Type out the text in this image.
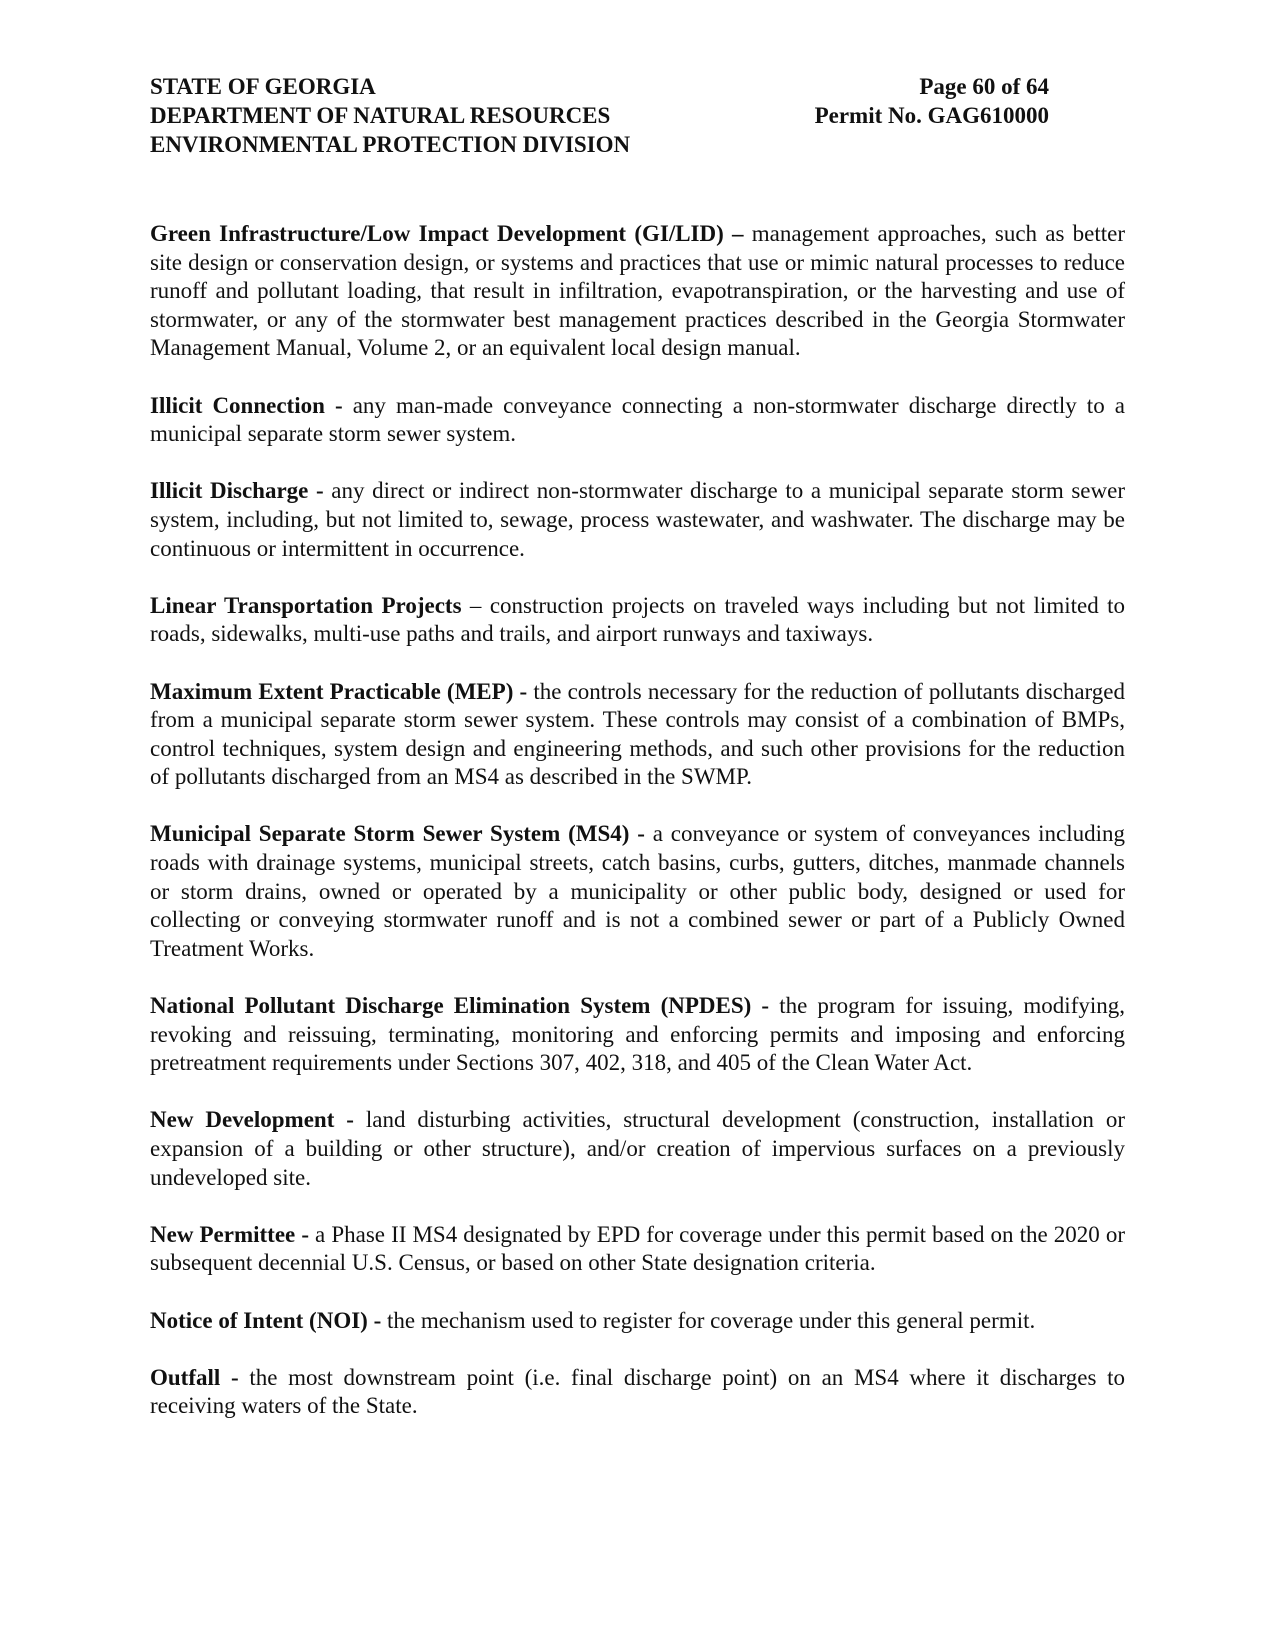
STATE OF GEORGIA
DEPARTMENT OF NATURAL RESOURCES
ENVIRONMENTAL PROTECTION DIVISION
Page 60 of 64
Permit No. GAG610000

Green Infrastructure/Low Impact Development (GI/LID) – management approaches, such as better site design or conservation design, or systems and practices that use or mimic natural processes to reduce runoff and pollutant loading, that result in infiltration, evapotranspiration, or the harvesting and use of stormwater, or any of the stormwater best management practices described in the Georgia Stormwater Management Manual, Volume 2, or an equivalent local design manual.

Illicit Connection - any man-made conveyance connecting a non-stormwater discharge directly to a municipal separate storm sewer system.

Illicit Discharge - any direct or indirect non-stormwater discharge to a municipal separate storm sewer system, including, but not limited to, sewage, process wastewater, and washwater. The discharge may be continuous or intermittent in occurrence.

Linear Transportation Projects – construction projects on traveled ways including but not limited to roads, sidewalks, multi-use paths and trails, and airport runways and taxiways.

Maximum Extent Practicable (MEP) - the controls necessary for the reduction of pollutants discharged from a municipal separate storm sewer system. These controls may consist of a combination of BMPs, control techniques, system design and engineering methods, and such other provisions for the reduction of pollutants discharged from an MS4 as described in the SWMP.

Municipal Separate Storm Sewer System (MS4) - a conveyance or system of conveyances including roads with drainage systems, municipal streets, catch basins, curbs, gutters, ditches, manmade channels or storm drains, owned or operated by a municipality or other public body, designed or used for collecting or conveying stormwater runoff and is not a combined sewer or part of a Publicly Owned Treatment Works.

National Pollutant Discharge Elimination System (NPDES) - the program for issuing, modifying, revoking and reissuing, terminating, monitoring and enforcing permits and imposing and enforcing pretreatment requirements under Sections 307, 402, 318, and 405 of the Clean Water Act.

New Development - land disturbing activities, structural development (construction, installation or expansion of a building or other structure), and/or creation of impervious surfaces on a previously undeveloped site.

New Permittee - a Phase II MS4 designated by EPD for coverage under this permit based on the 2020 or subsequent decennial U.S. Census, or based on other State designation criteria.

Notice of Intent (NOI) - the mechanism used to register for coverage under this general permit.

Outfall - the most downstream point (i.e. final discharge point) on an MS4 where it discharges to receiving waters of the State.
